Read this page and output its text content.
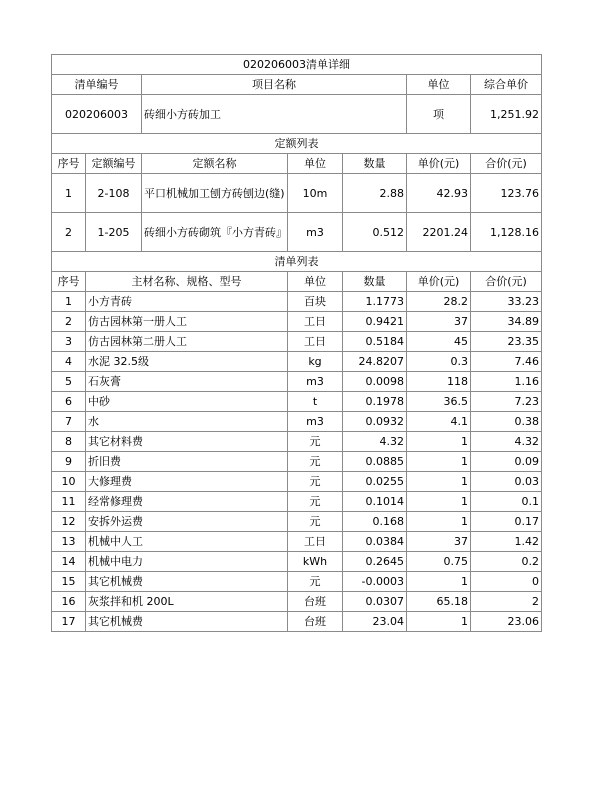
020206003清单详细						
清单编号		项目名称			单位	综合单价
020206003		砖细小方砖加工			项	1,251.92
定额列表						
序号	定额编号	定额名称	单位	数量	单价(元)	合价(元)
1	2-108	平口机械加工刨方砖刨边(缝)	10m	2.88	42.93	123.76
2	1-205	砖细小方砖砌筑『小方青砖』	m3	0.512	2201.24	1,128.16
清单列表						
序号	主材名称、规格、型号		单位	数量	单价(元)	合价(元)
1	小方青砖		百块	1.1773	28.2	33.23
2	仿古园林第一册人工		工日	0.9421	37	34.89
3	仿古园林第二册人工		工日	0.5184	45	23.35
4	水泥 32.5级		kg	24.8207	0.3	7.46
5	石灰膏		m3	0.0098	118	1.16
6	中砂		t	0.1978	36.5	7.23
7	水		m3	0.0932	4.1	0.38
8	其它材料费		元	4.32	1	4.32
9	折旧费		元	0.0885	1	0.09
10	大修理费		元	0.0255	1	0.03
11	经常修理费		元	0.1014	1	0.1
12	安拆外运费		元	0.168	1	0.17
13	机械中人工		工日	0.0384	37	1.42
14	机械中电力		kWh	0.2645	0.75	0.2
15	其它机械费		元	-0.0003	1	0
16	灰浆拌和机 200L		台班	0.0307	65.18	2
17	其它机械费		台班	23.04	1	23.06
